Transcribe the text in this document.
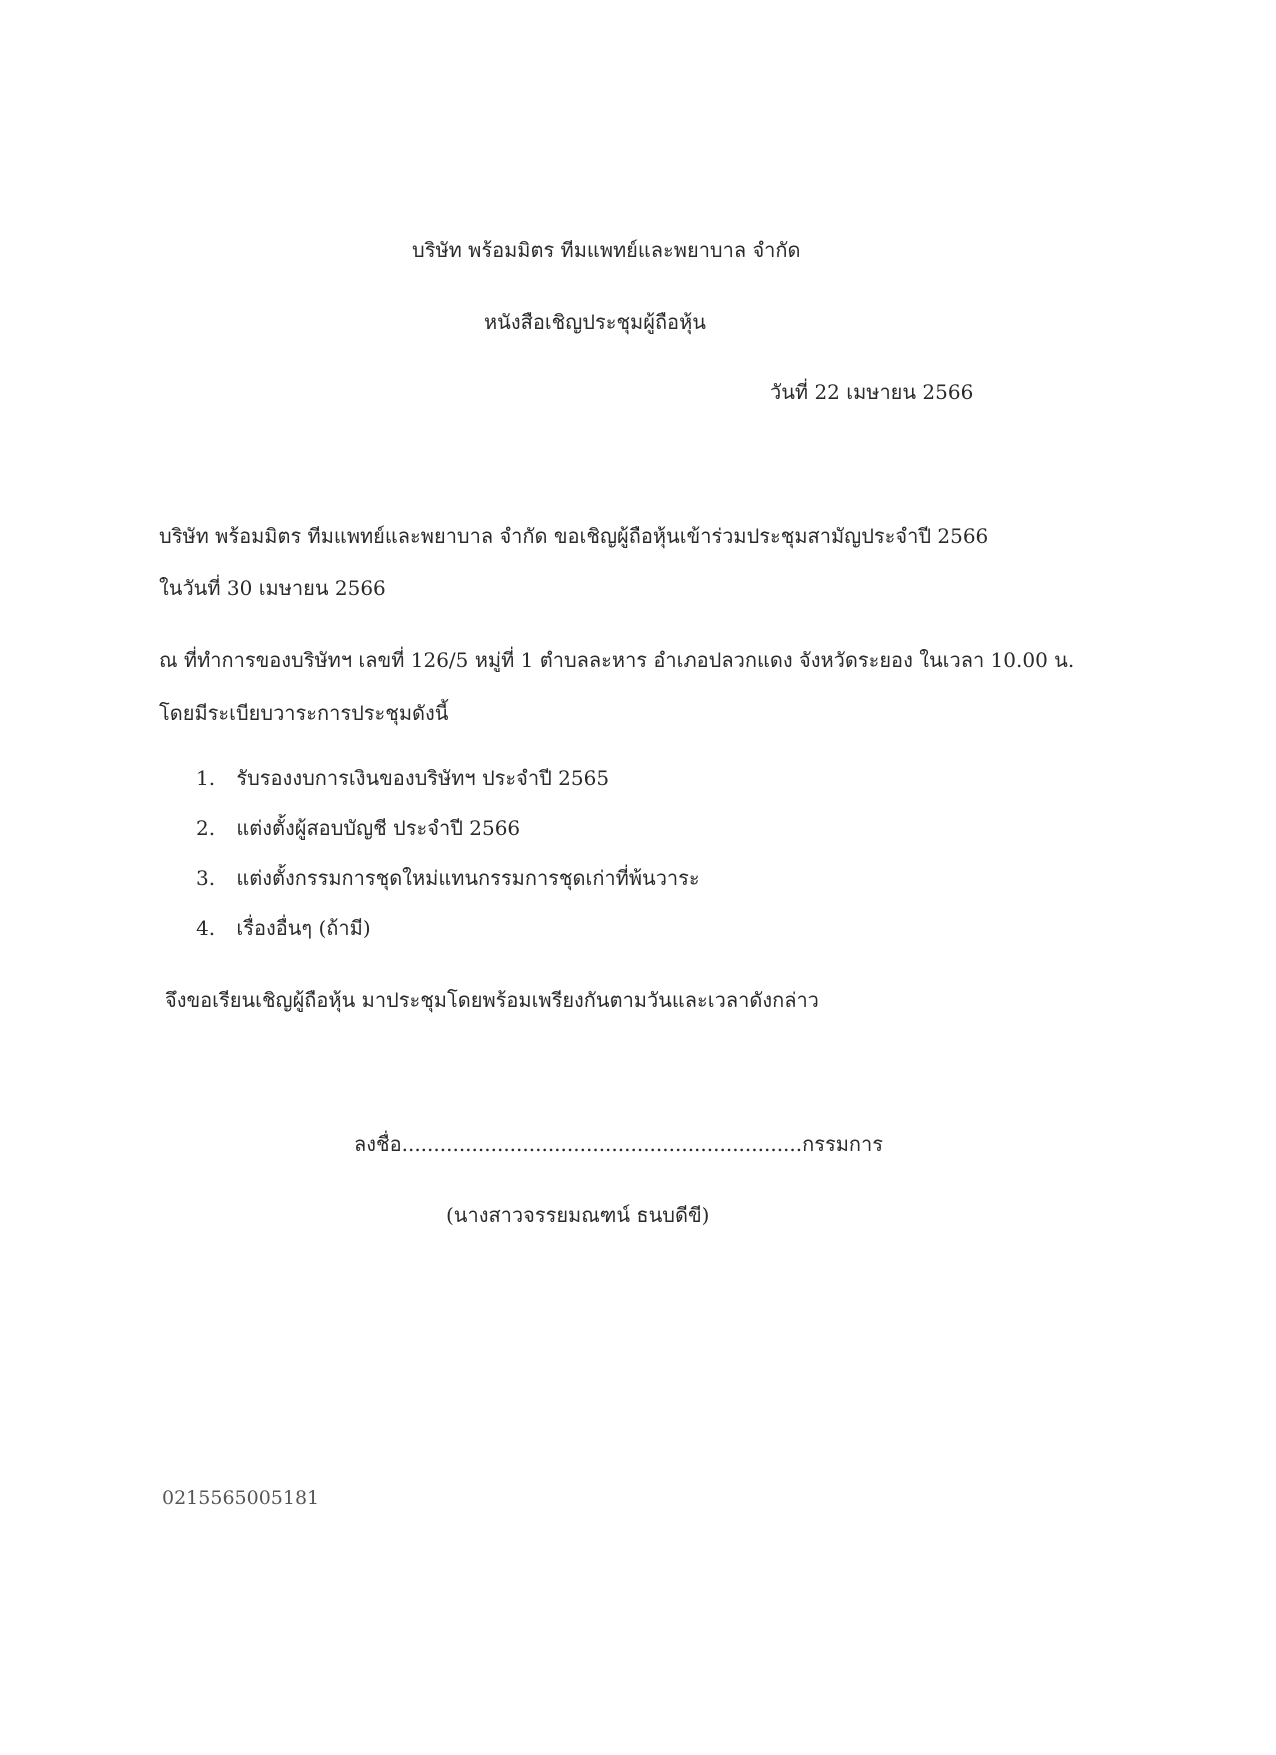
บริษัท พร้อมมิตร ทีมแพทย์และพยาบาล จำกัด
หนังสือเชิญประชุมผู้ถือหุ้น
วันที่ 22 เมษายน 2566
บริษัท พร้อมมิตร ทีมแพทย์และพยาบาล จำกัด ขอเชิญผู้ถือหุ้นเข้าร่วมประชุมสามัญประจำปี 2566
ในวันที่ 30 เมษายน 2566
ณ ที่ทำการของบริษัทฯ เลขที่ 126/5 หมู่ที่ 1 ตำบลละหาร อำเภอปลวกแดง จังหวัดระยอง ในเวลา 10.00 น.
โดยมีระเบียบวาระการประชุมดังนี้
1. รับรองงบการเงินของบริษัทฯ ประจำปี 2565
2. แต่งตั้งผู้สอบบัญชี ประจำปี 2566
3. แต่งตั้งกรรมการชุดใหม่แทนกรรมการชุดเก่าที่พ้นวาระ
4. เรื่องอื่นๆ (ถ้ามี)
จึงขอเรียนเชิญผู้ถือหุ้น มาประชุมโดยพร้อมเพรียงกันตามวันและเวลาดังกล่าว
ลงชื่อ...............................................................กรรมการ
(นางสาวจรรยมณฑน์ ธนบดีขี)
0215565005181
